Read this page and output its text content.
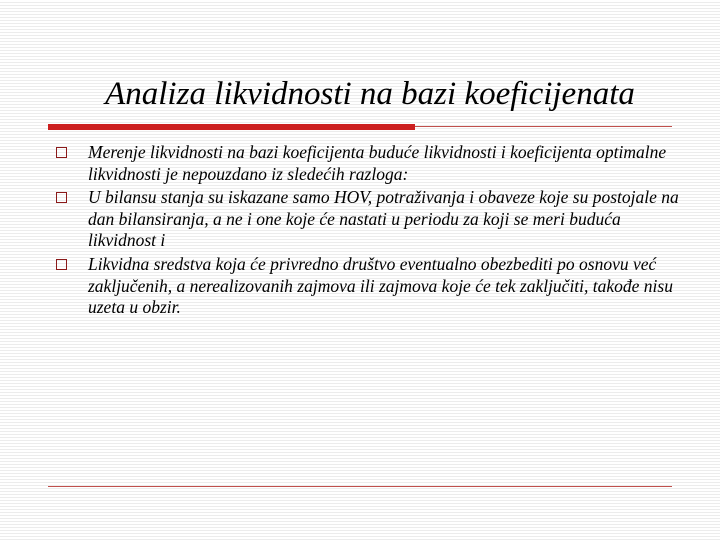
Analiza likvidnosti na bazi koeficijenata
Merenje likvidnosti na bazi koeficijenta buduće likvidnosti i koeficijenta optimalne likvidnosti je nepouzdano iz sledećih razloga:
U bilansu stanja su iskazane samo HOV, potraživanja i obaveze koje su postojale na dan bilansiranja, a ne i one koje će nastati u periodu za koji se meri buduća likvidnost i
Likvidna sredstva koja će privredno društvo eventualno obezbediti po osnovu već zaključenih, a nerealizovanih zajmova ili zajmova koje će tek zaključiti, takođe nisu uzeta u obzir.
